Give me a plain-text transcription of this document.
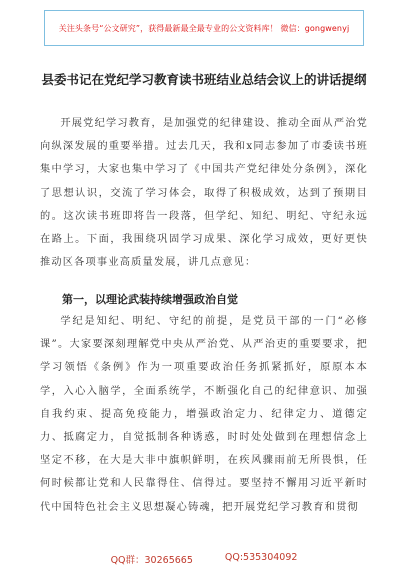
关注头条号“公文研究”，获得最新最全最专业的公文资料库！ 微信：gongwenyj
县委书记在党纪学习教育读书班结业总结会议上的讲话提纲

开展党纪学习教育，是加强党的纪律建设、推动全面从严治党向纵深发展的重要举措。过去几天，我和x同志参加了市委读书班集中学习，大家也集中学习了《中国共产党纪律处分条例》，深化了思想认识，交流了学习体会，取得了积极成效，达到了预期目的。这次读书班即将告一段落，但学纪、知纪、明纪、守纪永远在路上。下面，我围绕巩固学习成果、深化学习成效，更好更快推动区各项事业高质量发展，讲几点意见：

第一，以理论武装持续增强政治自觉

学纪是知纪、明纪、守纪的前提，是党员干部的一门“必修课”。大家要深刻理解党中央从严治党、从严治吏的重要要求，把学习领悟《条例》作为一项重要政治任务抓紧抓好，原原本本学，入心入脑学，全面系统学，不断强化自己的纪律意识、加强自我约束、提高免疫能力，增强政治定力、纪律定力、道德定力、抵腐定力，自觉抵制各种诱惑，时时处处做到在理想信念上坚定不移，在大是大非中旗帜鲜明，在疾风骤雨前无所畏惧，任何时候都让党和人民靠得住、信得过。要坚持不懈用习近平新时代中国特色社会主义思想凝心铸魂，把开展党纪学习教育和贯彻

QQ群：30265665	QQ:535304092
